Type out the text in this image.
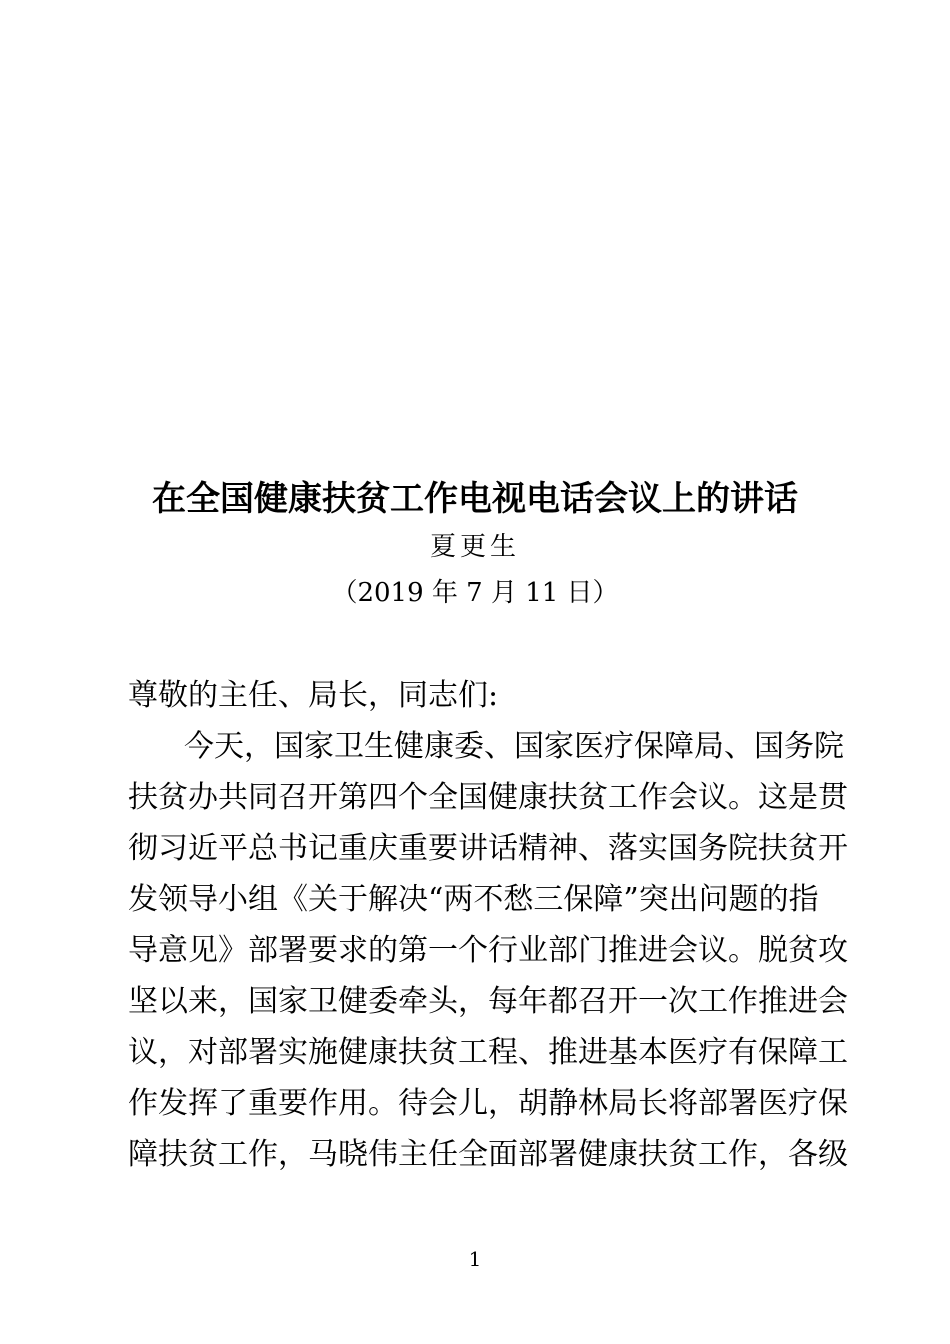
在全国健康扶贫工作电视电话会议上的讲话
夏更生
（2019 年 7 月 11 日）
尊敬的主任、局长，同志们:
今天，国家卫生健康委、国家医疗保障局、国务院
扶贫办共同召开第四个全国健康扶贫工作会议。这是贯
彻习近平总书记重庆重要讲话精神、落实国务院扶贫开
发领导小组《关于解决“两不愁三保障”突出问题的指
导意见》部署要求的第一个行业部门推进会议。脱贫攻
坚以来，国家卫健委牵头，每年都召开一次工作推进会
议，对部署实施健康扶贫工程、推进基本医疗有保障工
作发挥了重要作用。待会儿，胡静林局长将部署医疗保
障扶贫工作，马晓伟主任全面部署健康扶贫工作，各级
1
